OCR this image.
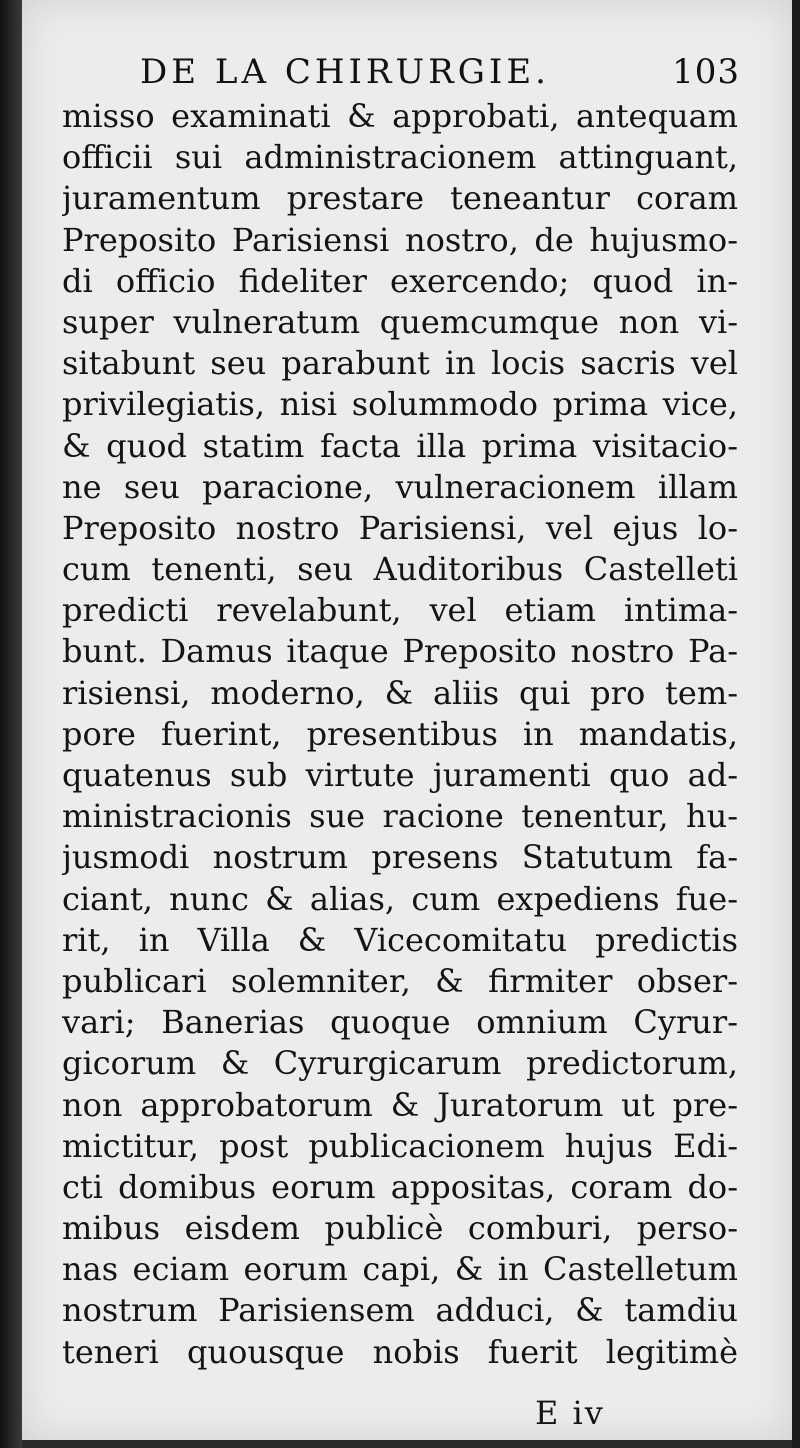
DE LA CHIRURGIE.	103
misso examinati & approbati, antequam
officii sui administracionem attinguant,
juramentum prestare teneantur coram
Preposito Parisiensi nostro, de hujusmo-
di officio fideliter exercendo; quod in-
super vulneratum quemcumque non vi-
sitabunt seu parabunt in locis sacris vel
privilegiatis, nisi solummodo prima vice,
& quod statim facta illa prima visitacio-
ne seu paracione, vulneracionem illam
Preposito nostro Parisiensi, vel ejus lo-
cum tenenti, seu Auditoribus Castelleti
predicti revelabunt, vel etiam intima-
bunt. Damus itaque Preposito nostro Pa-
risiensi, moderno, & aliis qui pro tem-
pore fuerint, presentibus in mandatis,
quatenus sub virtute juramenti quo ad-
ministracionis sue racione tenentur, hu-
jusmodi nostrum presens Statutum fa-
ciant, nunc & alias, cum expediens fue-
rit, in Villa & Vicecomitatu predictis
publicari solemniter, & firmiter obser-
vari; Banerias quoque omnium Cyrur-
gicorum & Cyrurgicarum predictorum,
non approbatorum & Juratorum ut pre-
mictitur, post publicacionem hujus Edi-
cti domibus eorum appositas, coram do-
mibus eisdem publicè comburi, perso-
nas eciam eorum capi, & in Castelletum
nostrum Parisiensem adduci, & tamdiu
teneri quousque nobis fuerit legitimè
E iv
